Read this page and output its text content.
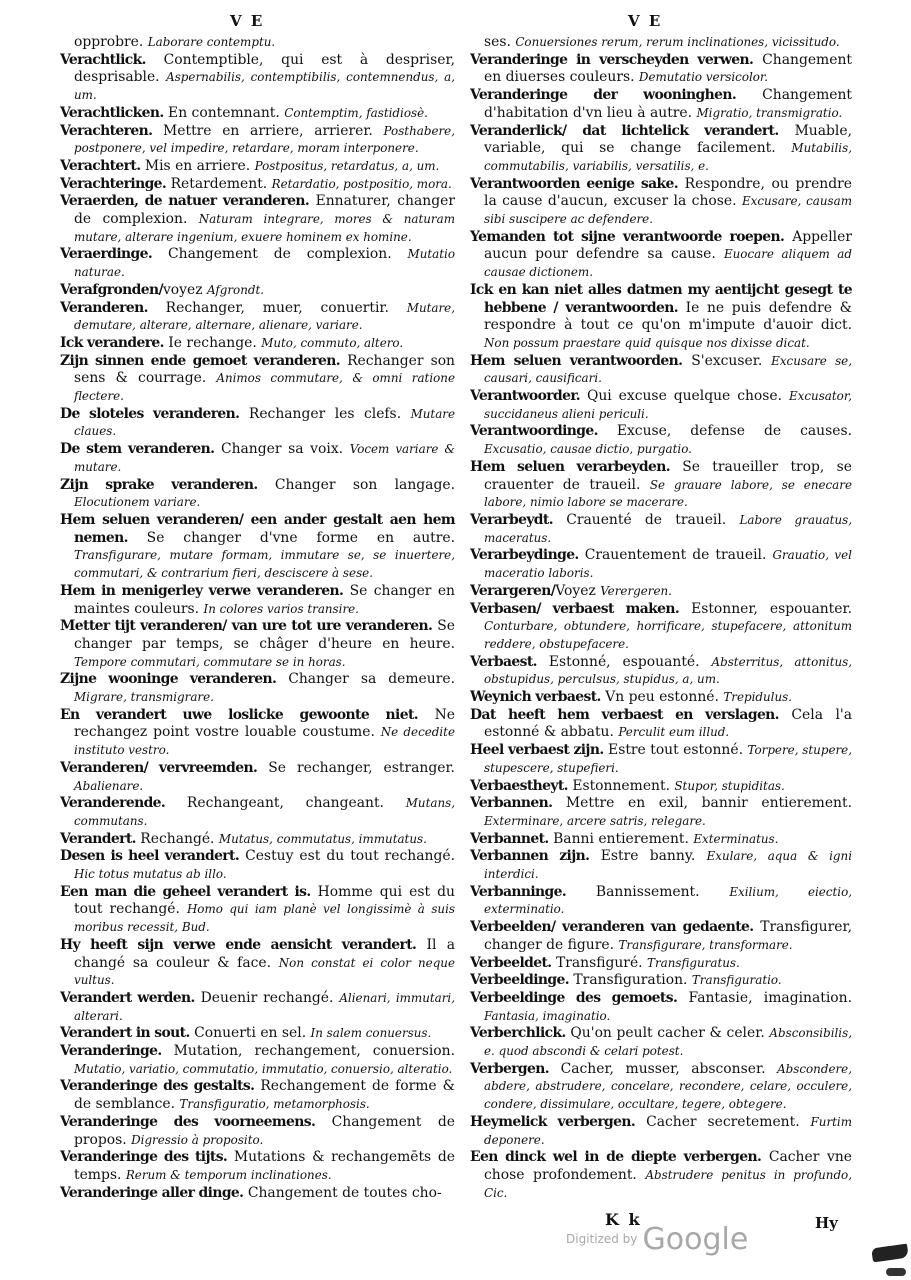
V E	V E

opprobre. Laborare contemptu.

Verachtlick. Contemptible, qui est à despriser, desprisable. Aspernabilis, contemptibilis, contemnendus, a, um.

Verachtlicken. En contemnant. Contemptim, fastidiosè.

Verachteren. Mettre en arriere, arrierer. Posthabere, postponere, vel impedire, retardare, moram interponere.

Verachtert. Mis en arriere. Postpositus, retardatus, a, um.

Verachteringe. Retardement. Retardatio, postpositio, mora.

Veraerden, de natuer veranderen. Ennaturer, changer de complexion. Naturam integrare, mores & naturam mutare, alterare ingenium, exuere hominem ex homine.

Veraerdinge. Changement de complexion. Mutatio naturae.

Verafgronden/voyez Afgrondt.

Veranderen. Rechanger, muer, conuertir. Mutare, demutare, alterare, alternare, alienare, variare.

Ick verandere. Ie rechange. Muto, commuto, altero.

Zijn sinnen ende gemoet veranderen. Rechanger son sens & courrage. Animos commutare, & omni ratione flectere.

De sloteles veranderen. Rechanger les clefs. Mutare claues.

De stem veranderen. Changer sa voix. Vocem variare & mutare.

Zijn sprake veranderen. Changer son langage. Elocutionem variare.

Hem seluen veranderen/ een ander gestalt aen hem nemen. Se changer d'vne forme en autre. Transfigurare, mutare formam, immutare se, se inuertere, commutari, & contrarium fieri, desciscere à sese.

Hem in menigerley verwe veranderen. Se changer en maintes couleurs. In colores varios transire.

Metter tijt veranderen/ van ure tot ure veranderen. Se changer par temps, se châger d'heure en heure. Tempore commutari, commutare se in horas.

Zijne wooninge veranderen. Changer sa demeure. Migrare, transmigrare.

En verandert uwe loslicke gewoonte niet. Ne rechangez point vostre louable coustume. Ne decedite instituto vestro.

Veranderen/ vervreemden. Se rechanger, estranger. Abalienare.

Veranderende. Rechangeant, changeant. Mutans, commutans.

Verandert. Rechangé. Mutatus, commutatus, immutatus.

Desen is heel verandert. Cestuy est du tout rechangé. Hic totus mutatus ab illo.

Een man die geheel verandert is. Homme qui est du tout rechangé. Homo qui iam planè vel longissimè à suis moribus recessit, Bud.

Hy heeft sijn verwe ende aensicht verandert. Il a changé sa couleur & face. Non constat ei color neque vultus.

Verandert werden. Deuenir rechangé. Alienari, immutari, alterari.

Verandert in sout. Conuerti en sel. In salem conuersus.

Veranderinge. Mutation, rechangement, conuersion. Mutatio, variatio, commutatio, immutatio, conuersio, alteratio.

Veranderinge des gestalts. Rechangement de forme & de semblance. Transfiguratio, metamorphosis.

Veranderinge des voorneemens. Changement de propos. Digressio à proposito.

Veranderinge des tijts. Mutations & rechangemēts de temps. Rerum & temporum inclinationes.

Veranderinge aller dinge. Changement de toutes cho-

ses. Conuersiones rerum, rerum inclinationes, vicissitudo.

Veranderinge in verscheyden verwen. Changement en diuerses couleurs. Demutatio versicolor.

Veranderinge der wooninghen. Changement d'habitation d'vn lieu à autre. Migratio, transmigratio.

Veranderlick/ dat lichtelick verandert. Muable, variable, qui se change facilement. Mutabilis, commutabilis, variabilis, versatilis, e.

Verantwoorden eenige sake. Respondre, ou prendre la cause d'aucun, excuser la chose. Excusare, causam sibi suscipere ac defendere.

Yemanden tot sijne verantwoorde roepen. Appeller aucun pour defendre sa cause. Euocare aliquem ad causae dictionem.

Ick en kan niet alles datmen my aentijcht gesegt te hebbene / verantwoorden. Ie ne puis defendre & respondre à tout ce qu'on m'impute d'auoir dict. Non possum praestare quid quisque nos dixisse dicat.

Hem seluen verantwoorden. S'excuser. Excusare se, causari, causificari.

Verantwoorder. Qui excuse quelque chose. Excusator, succidaneus alieni periculi.

Verantwoordinge. Excuse, defense de causes. Excusatio, causae dictio, purgatio.

Hem seluen verarbeyden. Se traueiller trop, se crauenter de traueil. Se grauare labore, se enecare labore, nimio labore se macerare.

Verarbeydt. Crauenté de traueil. Labore grauatus, maceratus.

Verarbeydinge. Crauentement de traueil. Grauatio, vel maceratio laboris.

Verargeren/Voyez Verergeren.

Verbasen/ verbaest maken. Estonner, espouanter. Conturbare, obtundere, horrificare, stupefacere, attonitum reddere, obstupefacere.

Verbaest. Estonné, espouanté. Absterritus, attonitus, obstupidus, perculsus, stupidus, a, um.

Weynich verbaest. Vn peu estonné. Trepidulus.

Dat heeft hem verbaest en verslagen. Cela l'a estonné & abbatu. Perculit eum illud.

Heel verbaest zijn. Estre tout estonné. Torpere, stupere, stupescere, stupefieri.

Verbaestheyt. Estonnement. Stupor, stupiditas.

Verbannen. Mettre en exil, bannir entierement. Exterminare, arcere satris, relegare.

Verbannet. Banni entierement. Exterminatus.

Verbannen zijn. Estre banny. Exulare, aqua & igni interdici.

Verbanninge. Bannissement. Exilium, eiectio, exterminatio.

Verbeelden/ veranderen van gedaente. Transfigurer, changer de figure. Transfigurare, transformare.

Verbeeldet. Transfiguré. Transfiguratus.

Verbeeldinge. Transfiguration. Transfiguratio.

Verbeeldinge des gemoets. Fantasie, imagination. Fantasia, imaginatio.

Verberchlick. Qu'on peult cacher & celer. Absconsibilis, e. quod abscondi & celari potest.

Verbergen. Cacher, musser, absconser. Abscondere, abdere, abstrudere, concelare, recondere, celare, occulere, condere, dissimulare, occultare, tegere, obtegere.

Heymelick verbergen. Cacher secretement. Furtim deponere.

Een dinck wel in de diepte verbergen. Cacher vne chose profondement. Abstrudere penitus in profundo, Cic.

K k	Hy
$^{Digitized by}$ Google
